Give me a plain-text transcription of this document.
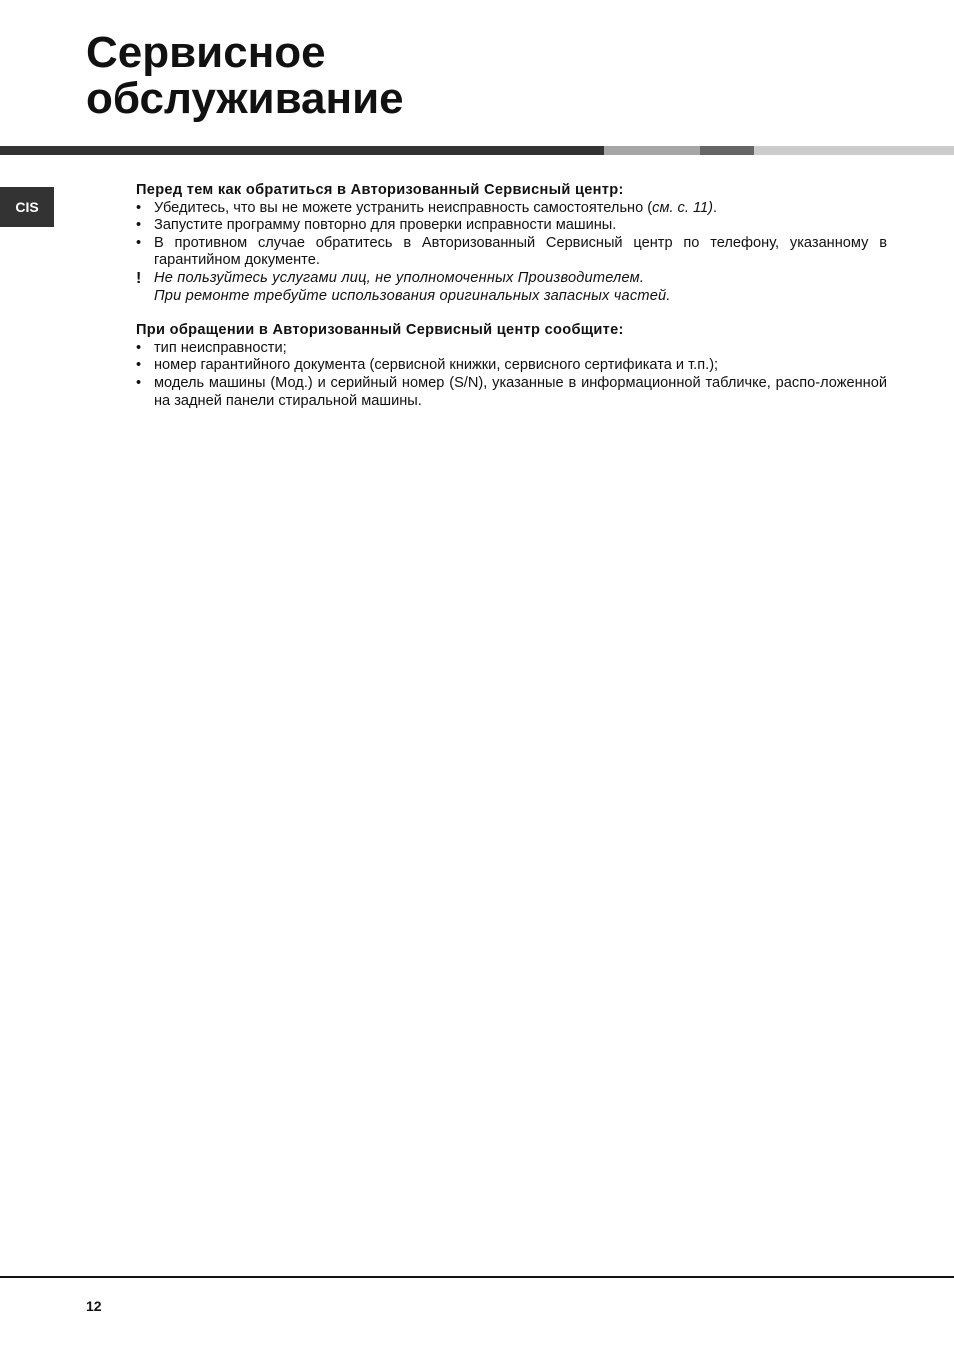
Сервисное
обслуживание
CIS

Перед тем как обратиться в Авторизованный Сервисный центр:

• Убедитесь, что вы не можете устранить неисправность самостоятельно (см. с. 11).
• Запустите программу повторно для проверки исправности машины.
• В противном случае обратитесь в Авторизованный Сервисный центр по телефону, указанному в гарантийном документе.
! Не пользуйтесь услугами лиц, не уполномоченных Производителем.
При ремонте требуйте использования оригинальных запасных частей.

При обращении в Авторизованный Сервисный центр сообщите:

• тип неисправности;
• номер гарантийного документа (сервисной книжки, сервисного сертификата и т.п.);
• модель машины (Мод.) и серийный номер (S/N), указанные в информационной табличке, распо-ложенной на задней панели стиральной машины.
12
